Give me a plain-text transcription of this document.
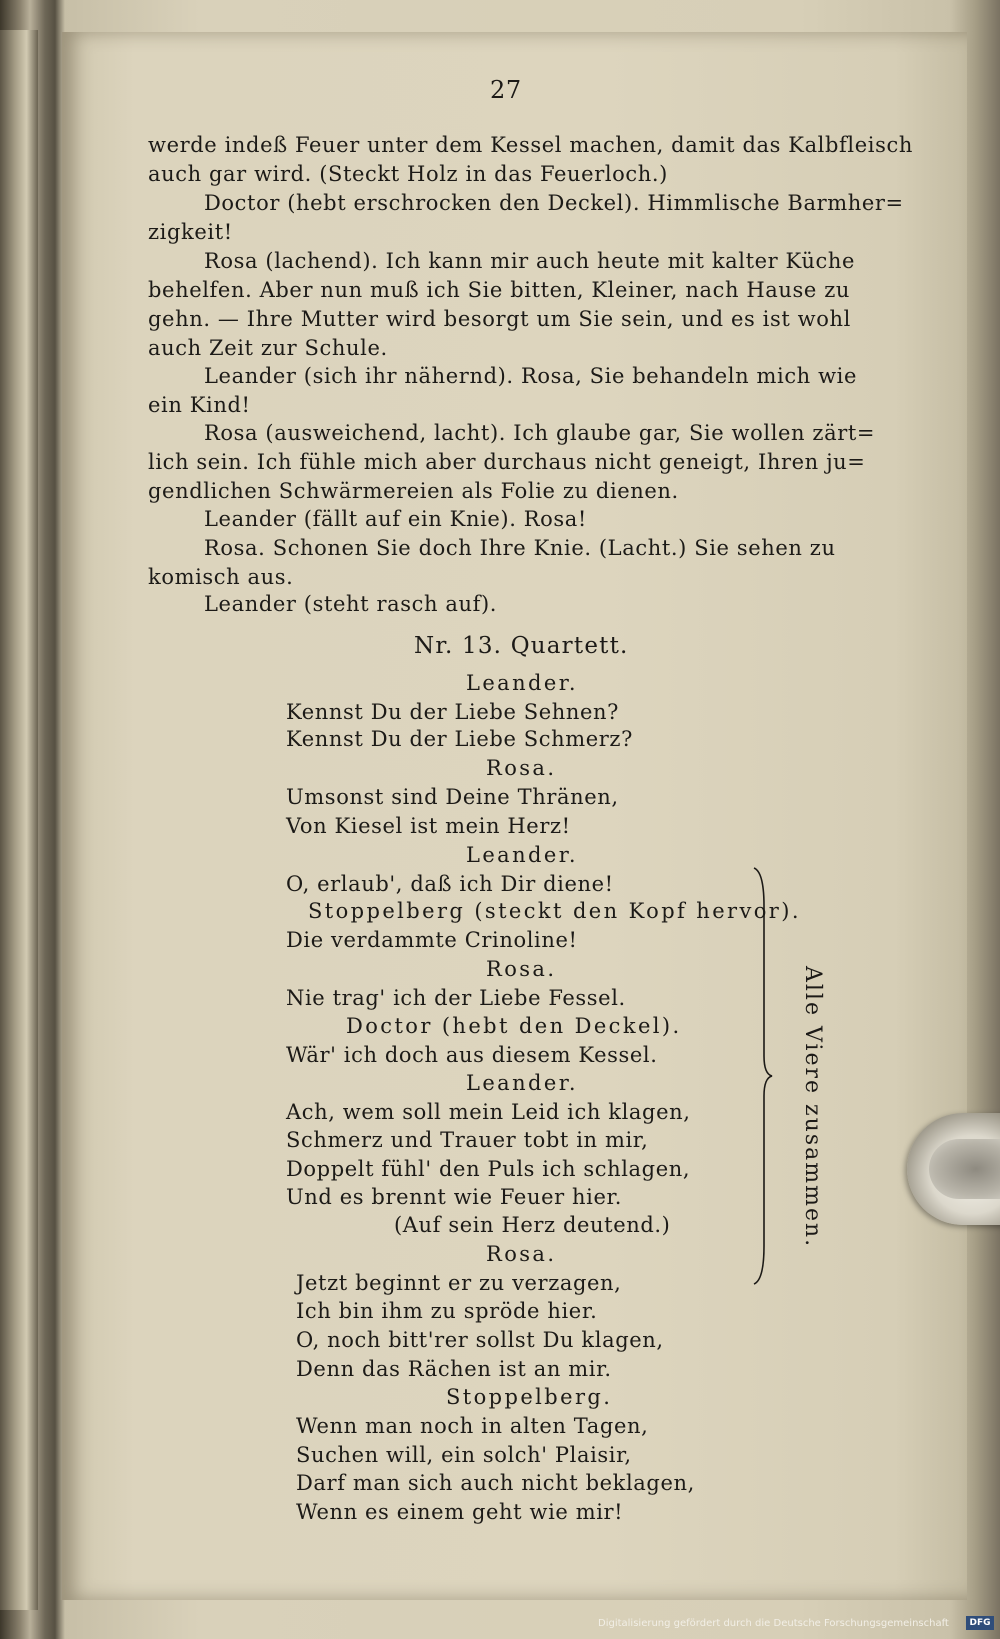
27
werde indeß Feuer unter dem Kessel machen, damit das Kalbfleisch
auch gar wird. (Steckt Holz in das Feuerloch.)
Doctor (hebt erschrocken den Deckel). Himmlische Barmher=
zigkeit!
Rosa (lachend). Ich kann mir auch heute mit kalter Küche
behelfen. Aber nun muß ich Sie bitten, Kleiner, nach Hause zu
gehn. — Ihre Mutter wird besorgt um Sie sein, und es ist wohl
auch Zeit zur Schule.
Leander (sich ihr nähernd). Rosa, Sie behandeln mich wie
ein Kind!
Rosa (ausweichend, lacht). Ich glaube gar, Sie wollen zärt=
lich sein. Ich fühle mich aber durchaus nicht geneigt, Ihren ju=
gendlichen Schwärmereien als Folie zu dienen.
Leander (fällt auf ein Knie). Rosa!
Rosa. Schonen Sie doch Ihre Knie. (Lacht.) Sie sehen zu
komisch aus.
Leander (steht rasch auf).
Nr. 13. Quartett.
Leander.
Kennst Du der Liebe Sehnen?
Kennst Du der Liebe Schmerz?
Rosa.
Umsonst sind Deine Thränen,
Von Kiesel ist mein Herz!
Leander.
O, erlaub', daß ich Dir diene!
Stoppelberg (steckt den Kopf hervor).
Die verdammte Crinoline!
Rosa.
Nie trag' ich der Liebe Fessel.
Doctor (hebt den Deckel).
Wär' ich doch aus diesem Kessel.
Leander.
Ach, wem soll mein Leid ich klagen,
Schmerz und Trauer tobt in mir,
Doppelt fühl' den Puls ich schlagen,
Und es brennt wie Feuer hier.
(Auf sein Herz deutend.)
Rosa.
Jetzt beginnt er zu verzagen,
Ich bin ihm zu spröde hier.
O, noch bitt'rer sollst Du klagen,
Denn das Rächen ist an mir.
Stoppelberg.
Wenn man noch in alten Tagen,
Suchen will, ein solch' Plaisir,
Darf man sich auch nicht beklagen,
Wenn es einem geht wie mir!
Alle Viere zusammen.
Digitalisierung gefördert durch die Deutsche Forschungsgemeinschaft	DFG
